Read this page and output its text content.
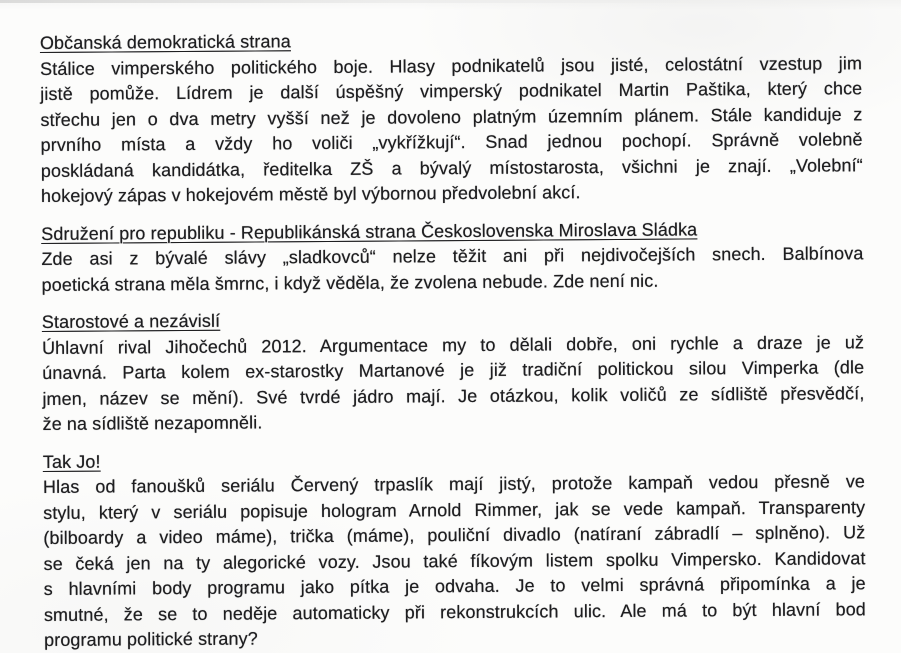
Občanská demokratická strana
Stálice vimperského politického boje. Hlasy podnikatelů jsou jisté, celostátní vzestup jim
jistě pomůže. Lídrem je další úspěšný vimperský podnikatel Martin Paštika, který chce
střechu jen o dva metry vyšší než je dovoleno platným územním plánem. Stále kandiduje z
prvního místa a vždy ho voliči „vykřížkují“. Snad jednou pochopí. Správně volebně
poskládaná kandidátka, ředitelka ZŠ a bývalý místostarosta, všichni je znají. „Volební“
hokejový zápas v hokejovém městě byl výbornou předvolební akcí.
Sdružení pro republiku - Republikánská strana Československa Miroslava Sládka
Zde asi z bývalé slávy „sladkovců“ nelze těžit ani při nejdivočejších snech. Balbínova
poetická strana měla šmrnc, i když věděla, že zvolena nebude. Zde není nic.
Starostové a nezávislí
Úhlavní rival Jihočechů 2012. Argumentace my to dělali dobře, oni rychle a draze je už
únavná. Parta kolem ex-starostky Martanové je již tradiční politickou silou Vimperka (dle
jmen, název se mění). Své tvrdé jádro mají. Je otázkou, kolik voličů ze sídliště přesvědčí,
že na sídliště nezapomněli.
Tak Jo!
Hlas od fanoušků seriálu Červený trpaslík mají jistý, protože kampaň vedou přesně ve
stylu, který v seriálu popisuje hologram Arnold Rimmer, jak se vede kampaň. Transparenty
(bilboardy a video máme), trička (máme), pouliční divadlo (natíraní zábradlí – splněno). Už
se čeká jen na ty alegorické vozy. Jsou také fíkovým listem spolku Vimpersko. Kandidovat
s hlavními body programu jako pítka je odvaha. Je to velmi správná připomínka a je
smutné, že se to neděje automaticky při rekonstrukcích ulic. Ale má to být hlavní bod
programu politické strany?
